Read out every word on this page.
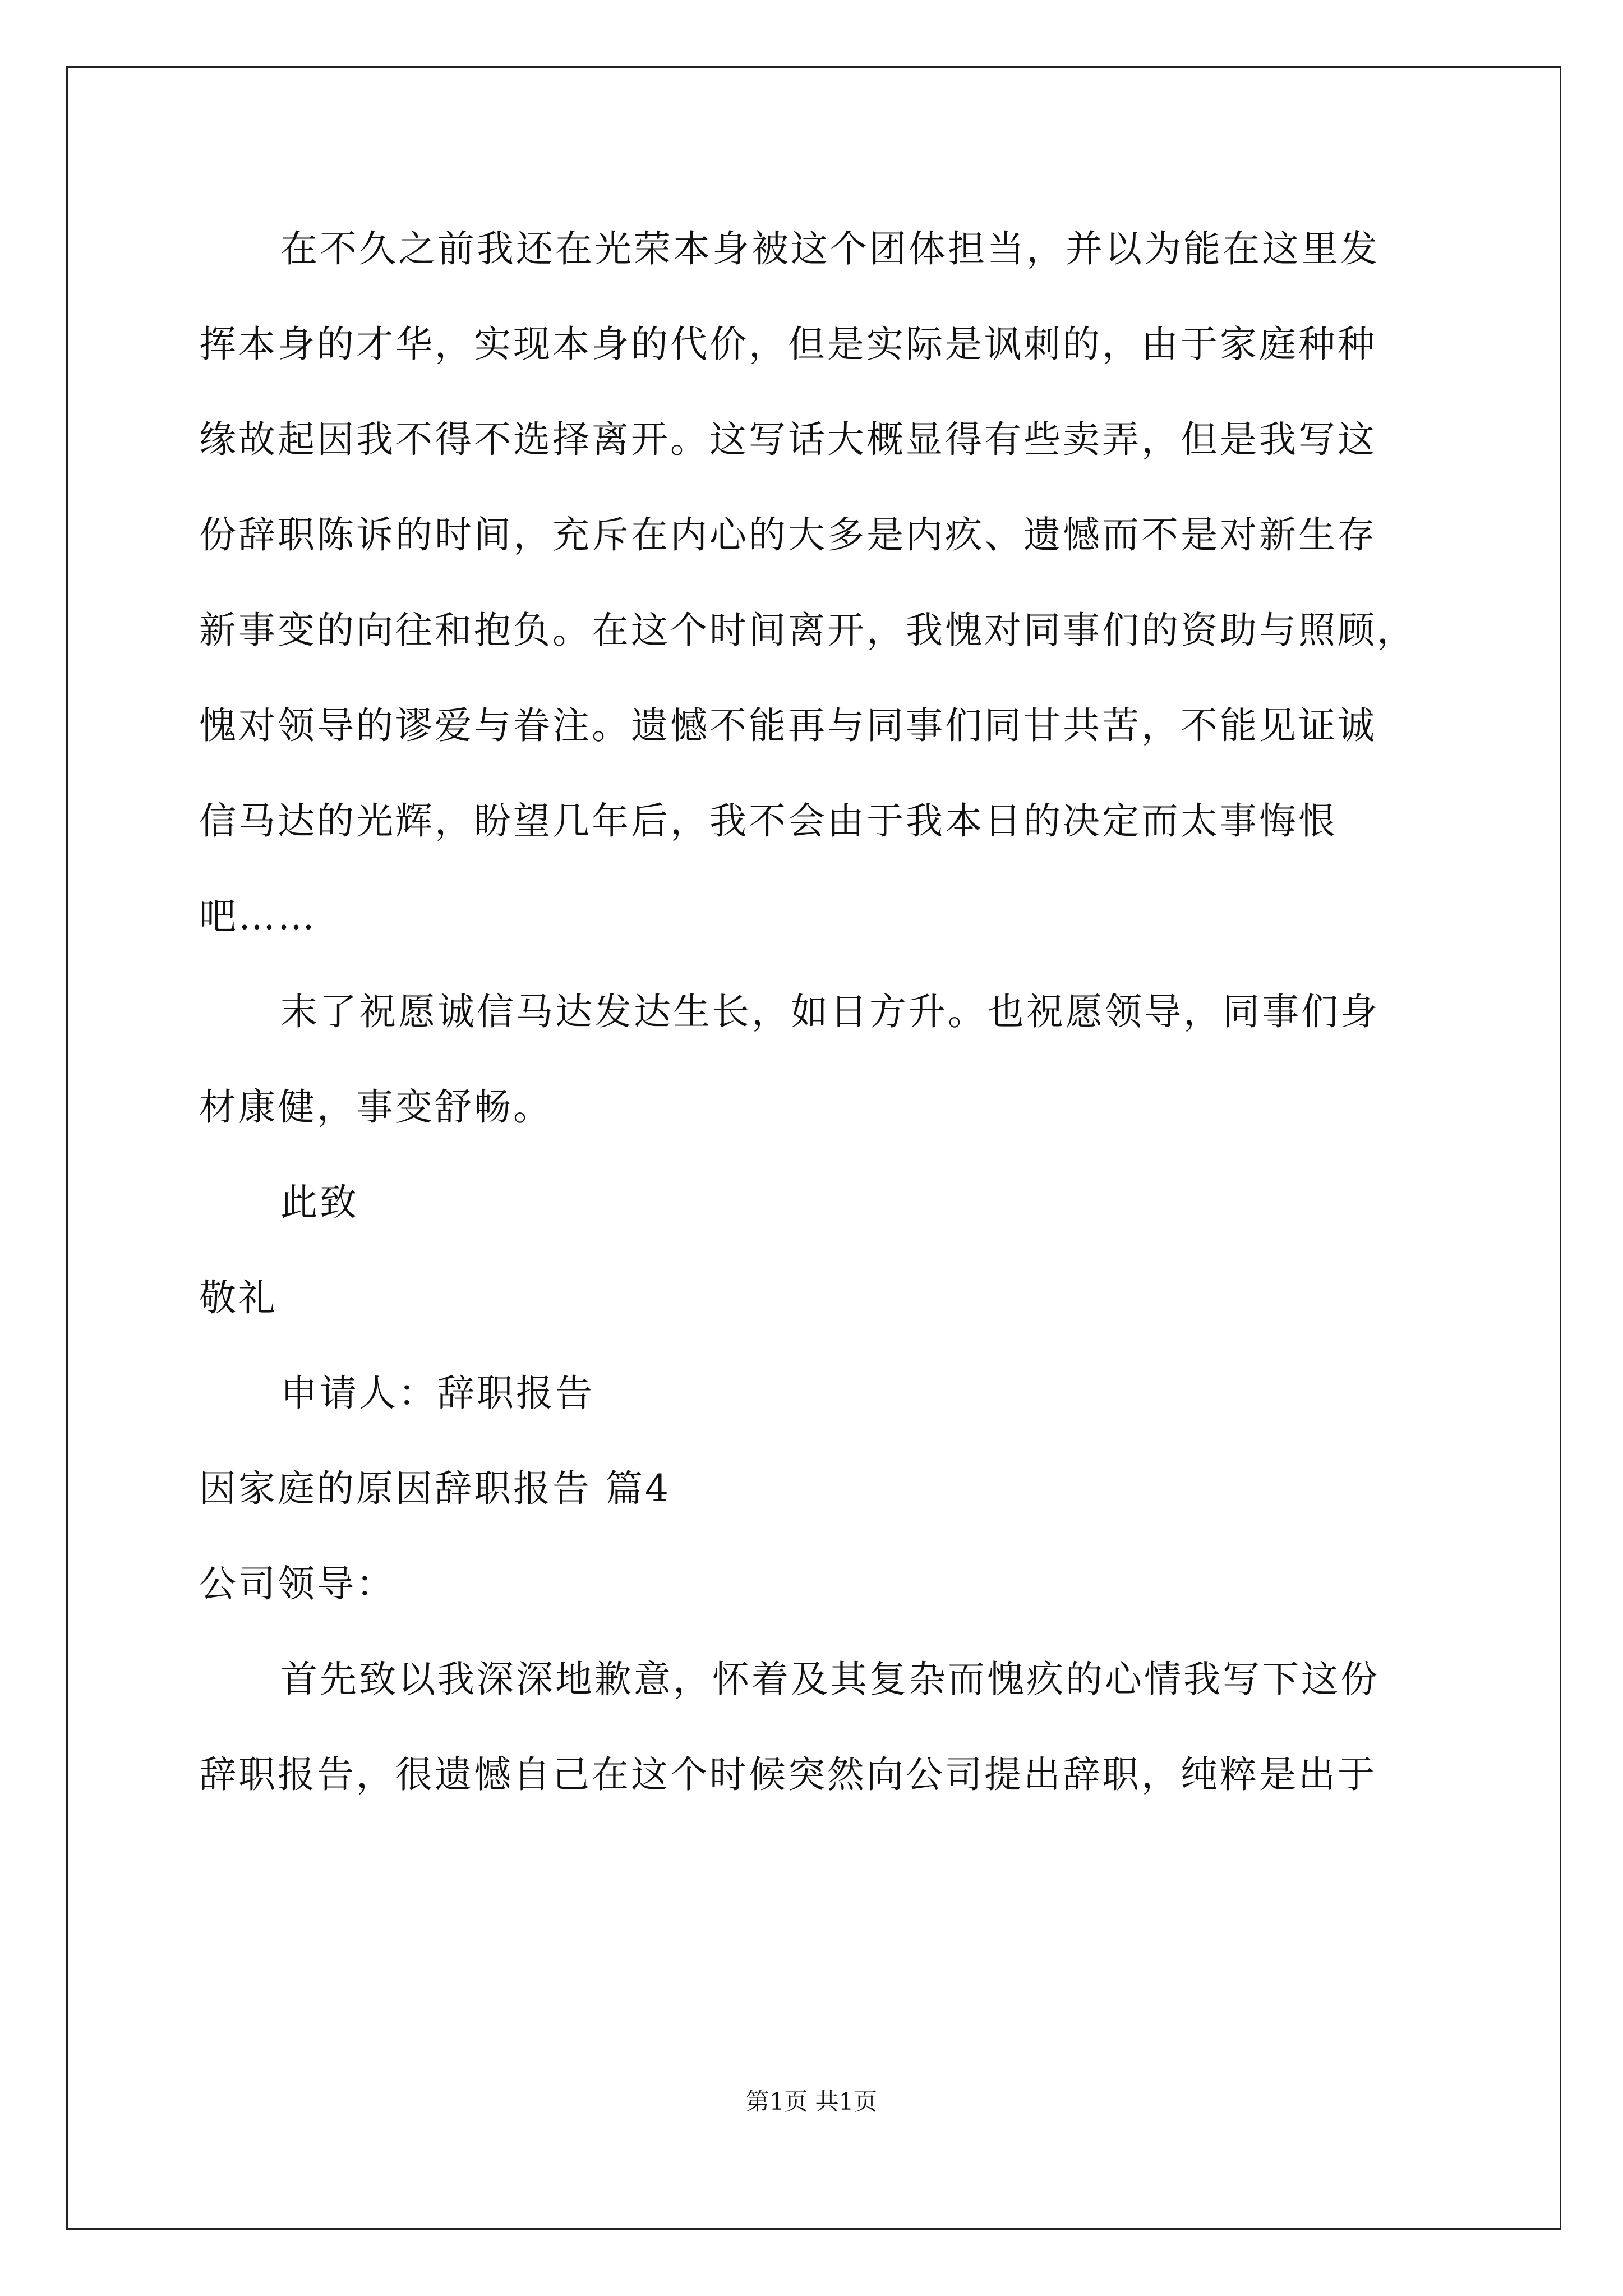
在不久之前我还在光荣本身被这个团体担当，并以为能在这里发
挥本身的才华，实现本身的代价，但是实际是讽刺的，由于家庭种种
缘故起因我不得不选择离开。这写话大概显得有些卖弄，但是我写这
份辞职陈诉的时间，充斥在内心的大多是内疚、遗憾而不是对新生存
新事变的向往和抱负。在这个时间离开，我愧对同事们的资助与照顾，
愧对领导的谬爱与眷注。遗憾不能再与同事们同甘共苦，不能见证诚
信马达的光辉，盼望几年后，我不会由于我本日的决定而太事悔恨
吧……
末了祝愿诚信马达发达生长，如日方升。也祝愿领导，同事们身
材康健，事变舒畅。
此致
敬礼
申请人：辞职报告
因家庭的原因辞职报告 篇4
公司领导：
首先致以我深深地歉意，怀着及其复杂而愧疚的心情我写下这份
辞职报告，很遗憾自己在这个时候突然向公司提出辞职，纯粹是出于
第1页 共1页
